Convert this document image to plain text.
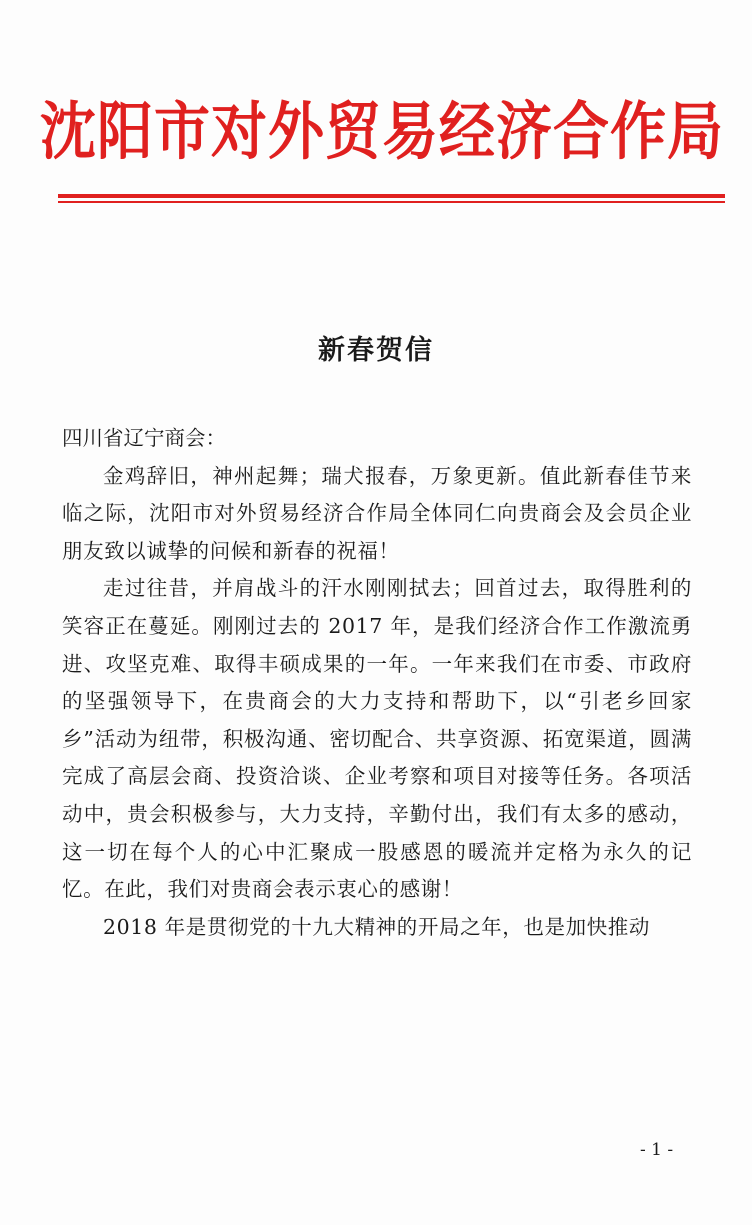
沈阳市对外贸易经济合作局
新春贺信

四川省辽宁商会：

金鸡辞旧，神州起舞；瑞犬报春，万象更新。值此新春佳节来临之际，沈阳市对外贸易经济合作局全体同仁向贵商会及会员企业朋友致以诚挚的问候和新春的祝福！

走过往昔，并肩战斗的汗水刚刚拭去；回首过去，取得胜利的笑容正在蔓延。刚刚过去的 2017 年，是我们经济合作工作激流勇进、攻坚克难、取得丰硕成果的一年。一年来我们在市委、市政府的坚强领导下，在贵商会的大力支持和帮助下，以“引老乡回家乡”活动为纽带，积极沟通、密切配合、共享资源、拓宽渠道，圆满完成了高层会商、投资洽谈、企业考察和项目对接等任务。各项活动中，贵会积极参与，大力支持，辛勤付出，我们有太多的感动，这一切在每个人的心中汇聚成一股感恩的暖流并定格为永久的记忆。在此，我们对贵商会表示衷心的感谢！

2018 年是贯彻党的十九大精神的开局之年，也是加快推动

- 1 -
